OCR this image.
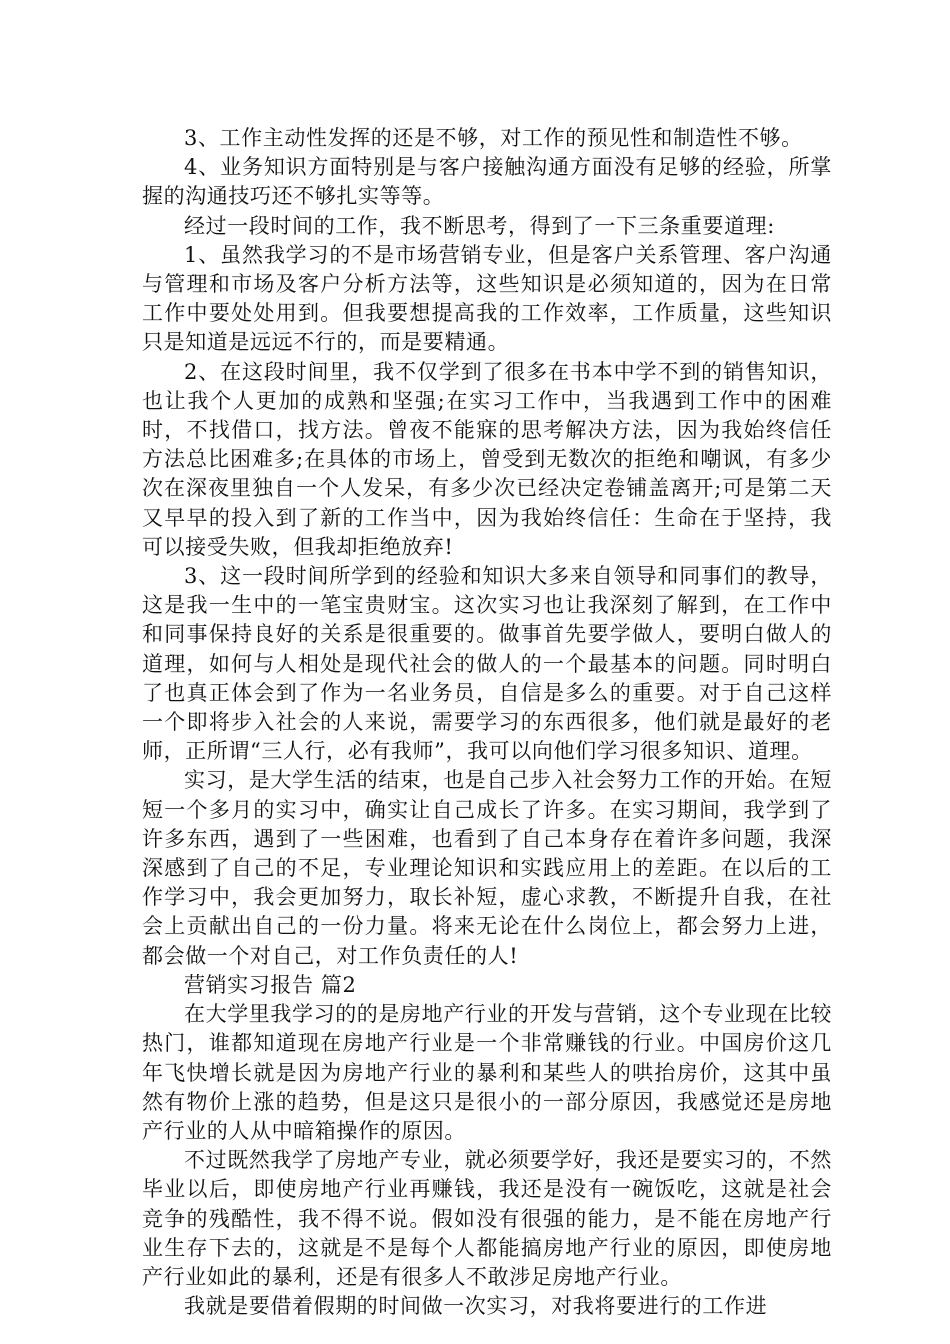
3、工作主动性发挥的还是不够，对工作的预见性和制造性不够。

4、业务知识方面特别是与客户接触沟通方面没有足够的经验，所掌握的沟通技巧还不够扎实等等。

经过一段时间的工作，我不断思考，得到了一下三条重要道理:

1、虽然我学习的不是市场营销专业，但是客户关系管理、客户沟通与管理和市场及客户分析方法等，这些知识是必须知道的，因为在日常工作中要处处用到。但我要想提高我的工作效率，工作质量，这些知识只是知道是远远不行的，而是要精通。

2、在这段时间里，我不仅学到了很多在书本中学不到的销售知识，也让我个人更加的成熟和坚强;在实习工作中，当我遇到工作中的困难时，不找借口，找方法。曾夜不能寐的思考解决方法，因为我始终信任方法总比困难多;在具体的市场上，曾受到无数次的拒绝和嘲讽，有多少次在深夜里独自一个人发呆，有多少次已经决定卷铺盖离开;可是第二天又早早的投入到了新的工作当中，因为我始终信任：生命在于坚持，我可以接受失败，但我却拒绝放弃!

3、这一段时间所学到的经验和知识大多来自领导和同事们的教导，这是我一生中的一笔宝贵财宝。这次实习也让我深刻了解到，在工作中和同事保持良好的关系是很重要的。做事首先要学做人，要明白做人的道理，如何与人相处是现代社会的做人的一个最基本的问题。同时明白了也真正体会到了作为一名业务员，自信是多么的重要。对于自己这样一个即将步入社会的人来说，需要学习的东西很多，他们就是最好的老师，正所谓“三人行，必有我师”，我可以向他们学习很多知识、道理。

实习，是大学生活的结束，也是自己步入社会努力工作的开始。在短短一个多月的实习中，确实让自己成长了许多。在实习期间，我学到了许多东西，遇到了一些困难，也看到了自己本身存在着许多问题，我深深感到了自己的不足，专业理论知识和实践应用上的差距。在以后的工作学习中，我会更加努力，取长补短，虚心求教，不断提升自我，在社会上贡献出自己的一份力量。将来无论在什么岗位上，都会努力上进，都会做一个对自己，对工作负责任的人!

营销实习报告 篇2

在大学里我学习的的是房地产行业的开发与营销，这个专业现在比较热门，谁都知道现在房地产行业是一个非常赚钱的行业。中国房价这几年飞快增长就是因为房地产行业的暴利和某些人的哄抬房价，这其中虽然有物价上涨的趋势，但是这只是很小的一部分原因，我感觉还是房地产行业的人从中暗箱操作的原因。

不过既然我学了房地产专业，就必须要学好，我还是要实习的，不然毕业以后，即使房地产行业再赚钱，我还是没有一碗饭吃，这就是社会竞争的残酷性，我不得不说。假如没有很强的能力，是不能在房地产行业生存下去的，这就是不是每个人都能搞房地产行业的原因，即使房地产行业如此的暴利，还是有很多人不敢涉足房地产行业。

我就是要借着假期的时间做一次实习，对我将要进行的工作进
